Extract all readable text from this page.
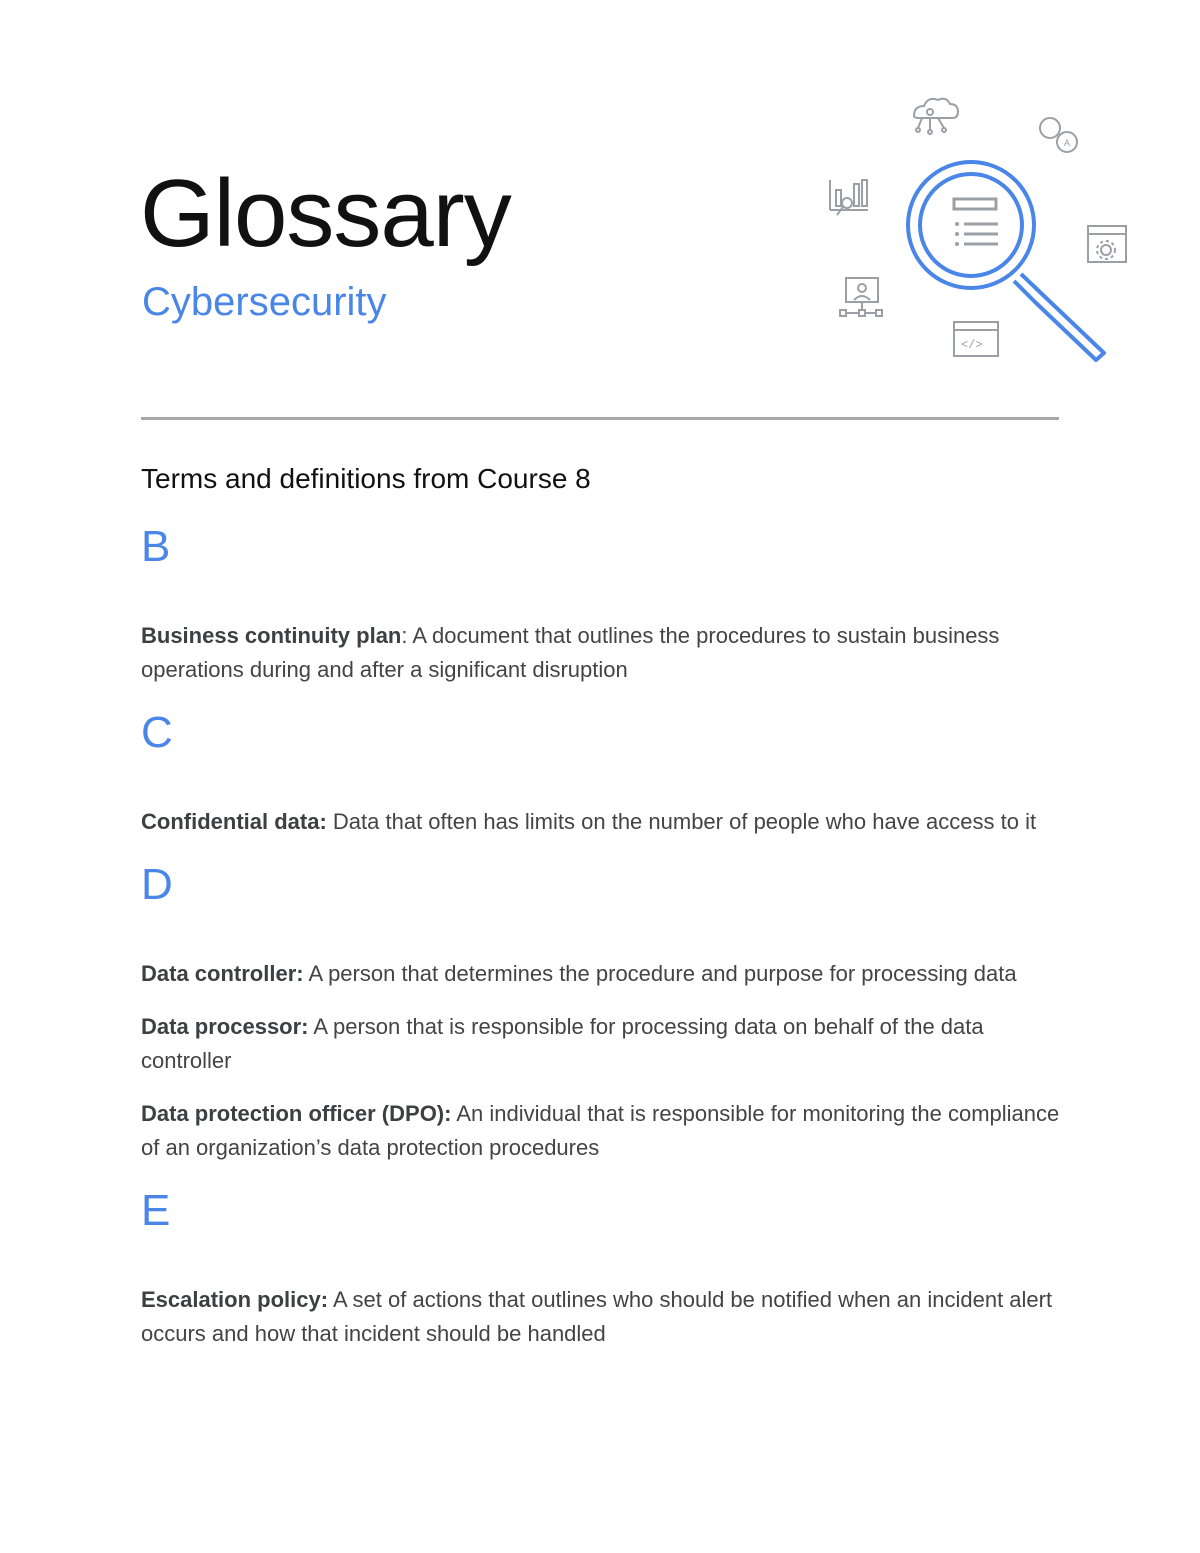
Glossary
Cybersecurity
A
</>
Terms and definitions from Course 8
B

Business continuity plan: A document that outlines the procedures to sustain business operations during and after a significant disruption

C

Confidential data: Data that often has limits on the number of people who have access to it

D

Data controller: A person that determines the procedure and purpose for processing data

Data processor: A person that is responsible for processing data on behalf of the data controller

Data protection officer (DPO): An individual that is responsible for monitoring the compliance of an organization’s data protection procedures

E

Escalation policy: A set of actions that outlines who should be notified when an incident alert occurs and how that incident should be handled
